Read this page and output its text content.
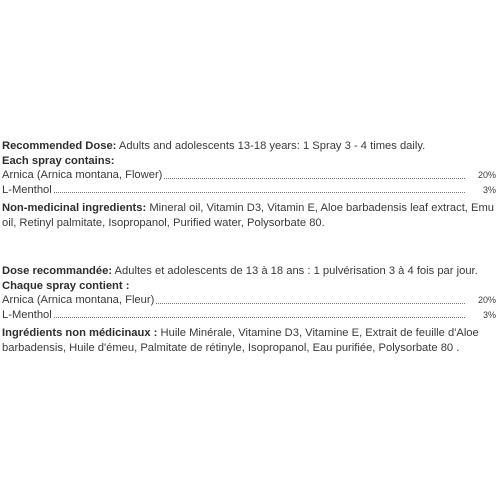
Recommended Dose: Adults and adolescents 13-18 years: 1 Spray 3 - 4 times daily.
Each spray contains:
Arnica (Arnica montana, Flower)	20%
L-Menthol	3%
Non-medicinal ingredients: Mineral oil, Vitamin D3, Vitamin E, Aloe barbadensis leaf extract, Emu oil, Retinyl palmitate, Isopropanol, Purified water, Polysorbate 80.
Dose recommandée: Adultes et adolescents de 13 à 18 ans : 1 pulvérisation 3 à 4 fois par jour.
Chaque spray contient :
Arnica (Arnica montana, Fleur)	20%
L-Menthol	3%
Ingrédients non médicinaux : Huile Minérale, Vitamine D3, Vitamine E, Extrait de feuille d'Aloe barbadensis, Huile d'émeu, Palmitate de rétinyle, Isopropanol, Eau purifiée, Polysorbate 80 .
